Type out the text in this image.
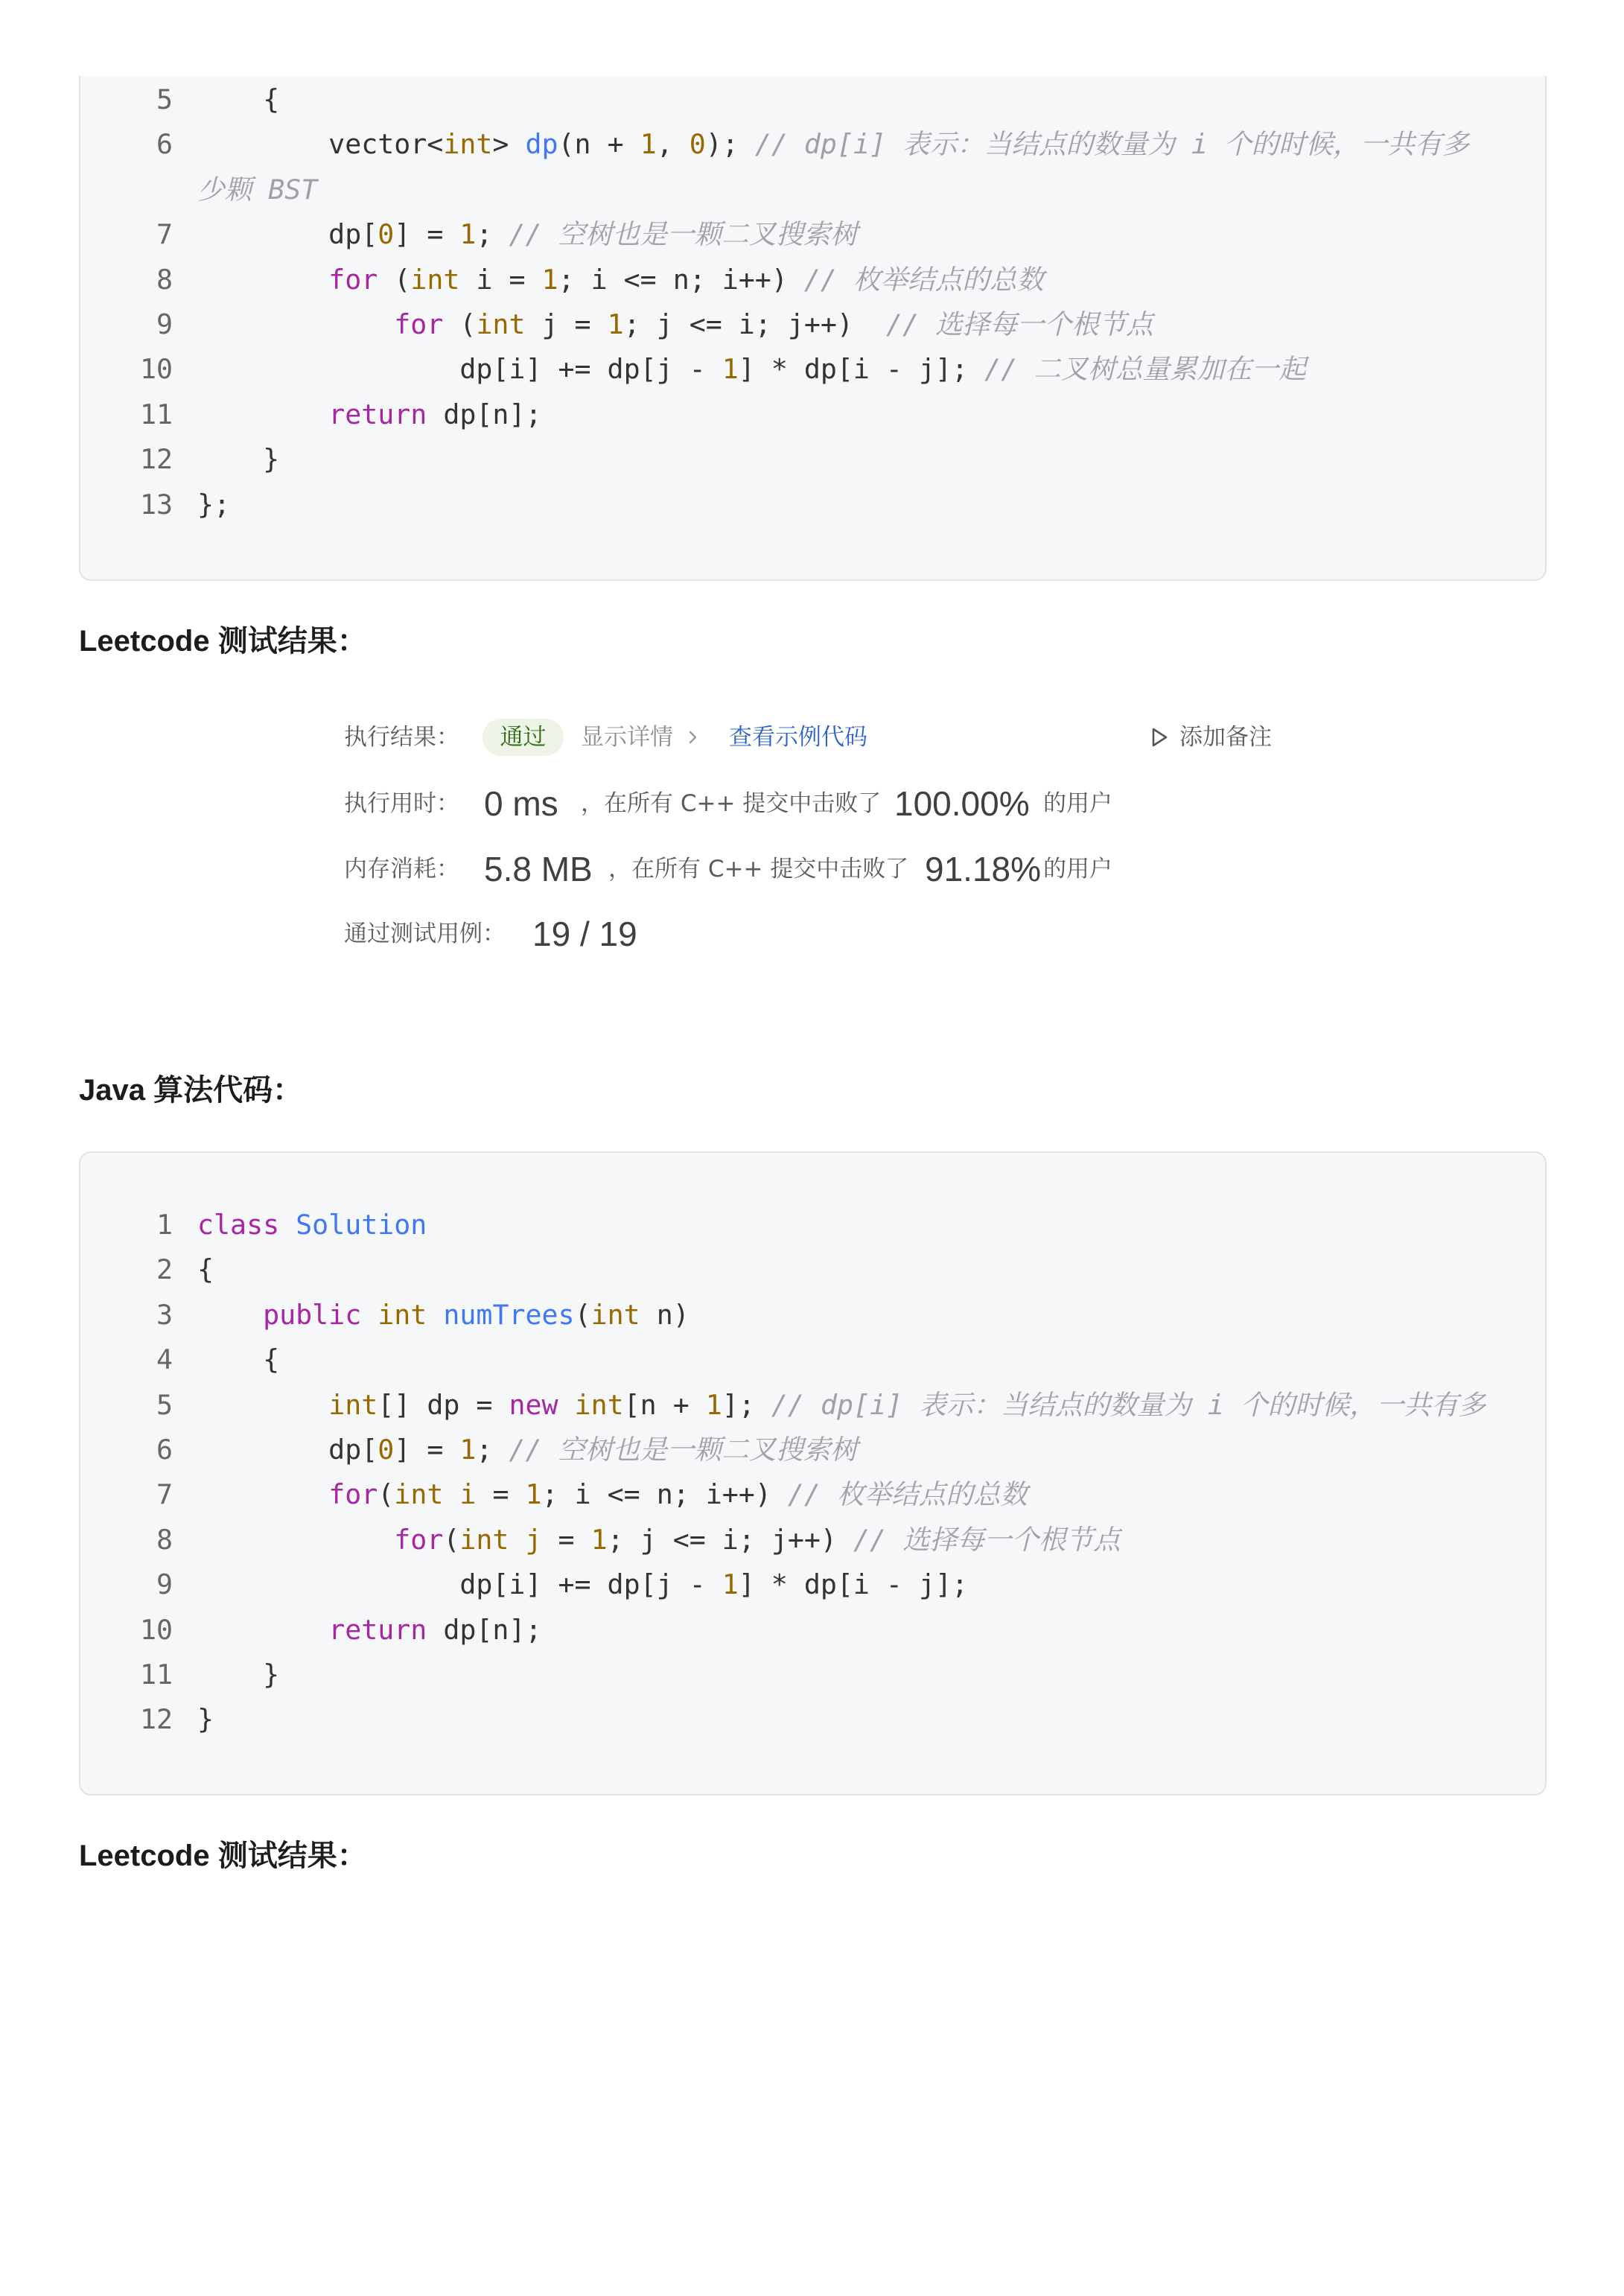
5 {
6 vector<int> dp(n + 1, 0); // dp[i] 表示：当结点的数量为 i 个的时候，一共有多
少颗 BST
7 dp[0] = 1; // 空树也是一颗二叉搜索树
8	for (int i = 1; i <= n; i++) // 枚举结点的总数
9	for (int j = 1; j <= i; j++)  // 选择每一个根节点
10 dp[i] += dp[j - 1] * dp[i - j]; // 二叉树总量累加在一起
11	return dp[n];
12 }
13 };
Leetcode 测试结果：
执行结果：	通过	显示详情 查看示例代码	添加备注
执行用时： 0 ms ，在所有 C++ 提交中击败了 100.00% 的用户
内存消耗： 5.8 MB ，在所有 C++ 提交中击败了 91.18% 的用户
通过测试用例： 19 / 19
Java 算法代码：
1 class Solution
2 {
3	public int numTrees(int n)
4 {
5	int[] dp = new int[n + 1]; // dp[i] 表示：当结点的数量为 i 个的时候，一共有多
6 dp[0] = 1; // 空树也是一颗二叉搜索树
7	for(int i = 1; i <= n; i++) // 枚举结点的总数
8	for(int j = 1; j <= i; j++) // 选择每一个根节点
9 dp[i] += dp[j - 1] * dp[i - j];
10	return dp[n];
11 }
12 }
Leetcode 测试结果：
